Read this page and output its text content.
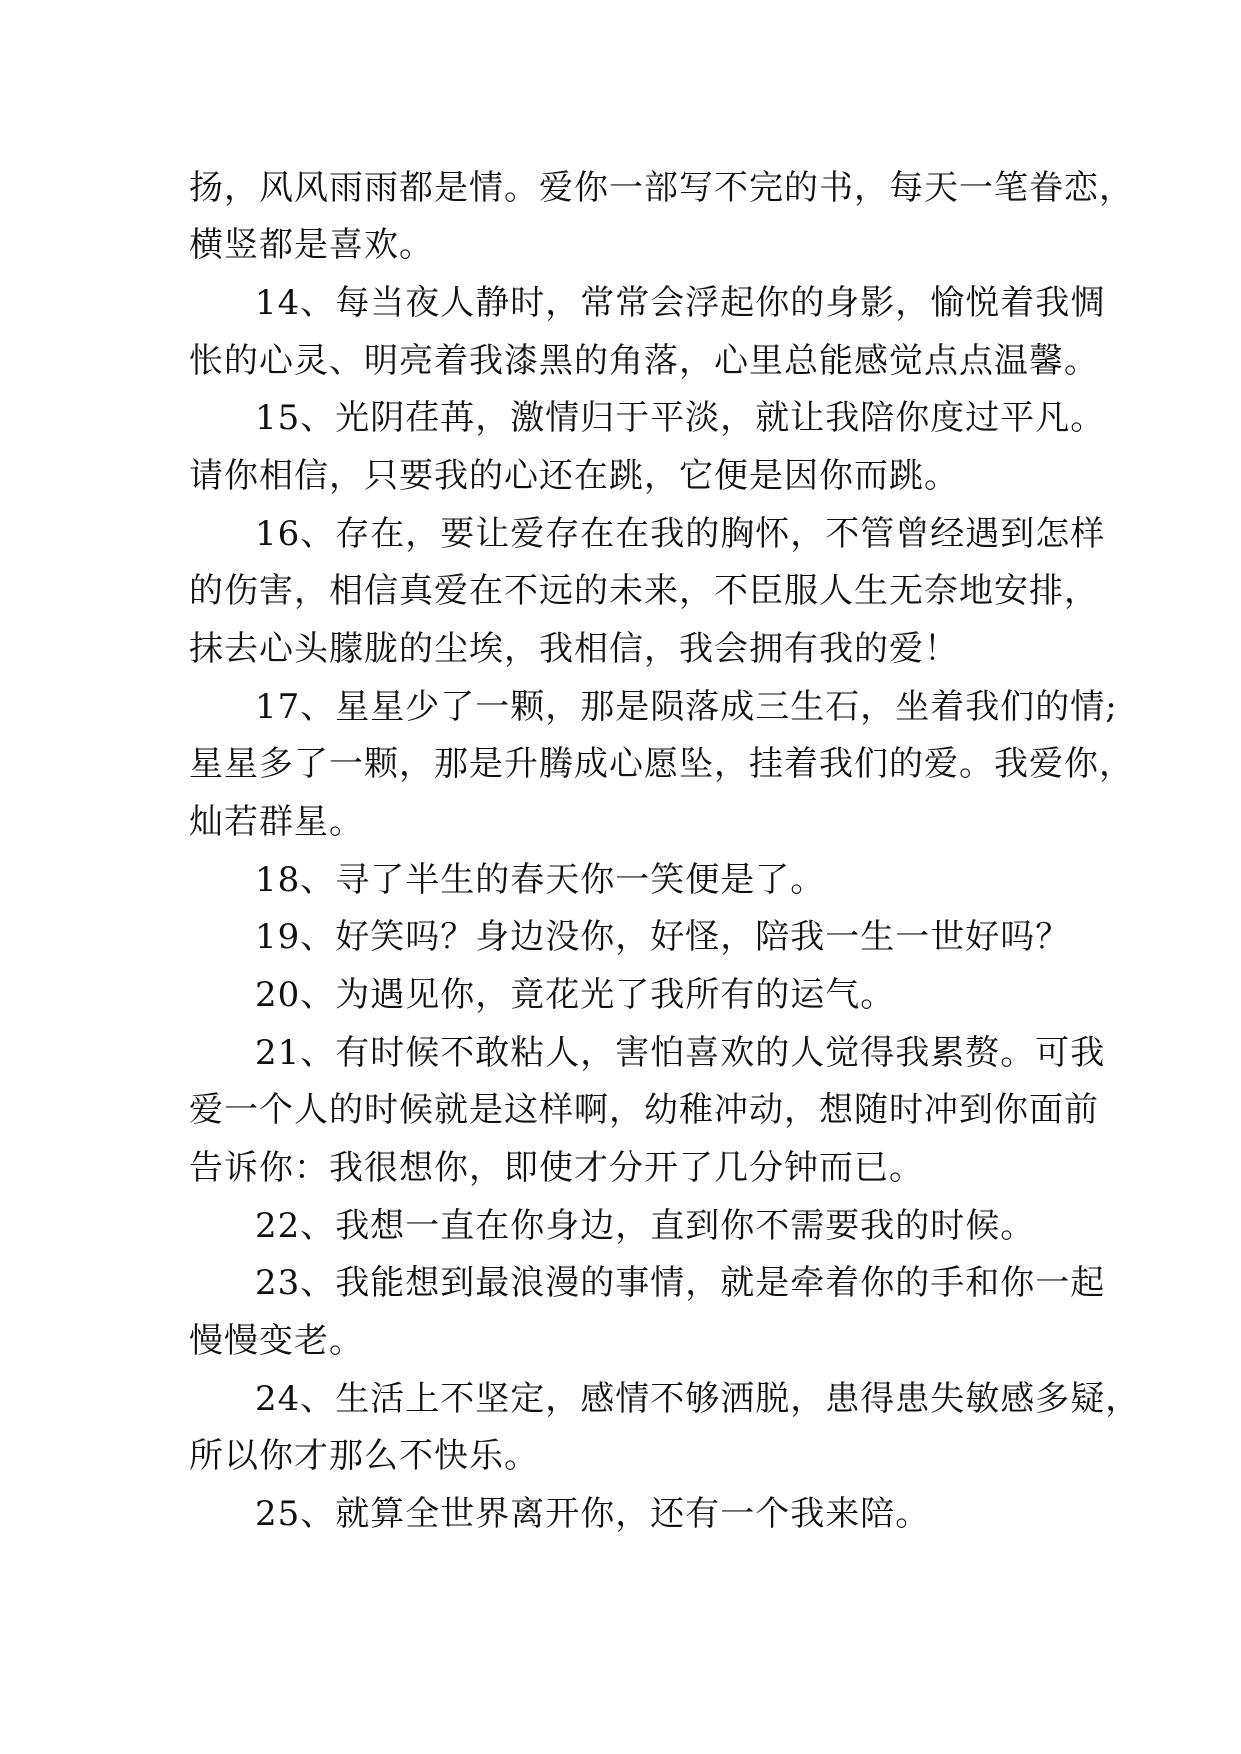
扬，风风雨雨都是情。爱你一部写不完的书，每天一笔眷恋，
横竖都是喜欢。
14、每当夜人静时，常常会浮起你的身影，愉悦着我惆
怅的心灵、明亮着我漆黑的角落，心里总能感觉点点温馨。
15、光阴荏苒，激情归于平淡，就让我陪你度过平凡。
请你相信，只要我的心还在跳，它便是因你而跳。
16、存在，要让爱存在在我的胸怀，不管曾经遇到怎样
的伤害，相信真爱在不远的未来，不臣服人生无奈地安排，
抹去心头朦胧的尘埃，我相信，我会拥有我的爱！
17、星星少了一颗，那是陨落成三生石，坐着我们的情;
星星多了一颗，那是升腾成心愿坠，挂着我们的爱。我爱你，
灿若群星。
18、寻了半生的春天你一笑便是了。
19、好笑吗？身边没你，好怪，陪我一生一世好吗？
20、为遇见你，竟花光了我所有的运气。
21、有时候不敢粘人，害怕喜欢的人觉得我累赘。可我
爱一个人的时候就是这样啊，幼稚冲动，想随时冲到你面前
告诉你：我很想你，即使才分开了几分钟而已。
22、我想一直在你身边，直到你不需要我的时候。
23、我能想到最浪漫的事情，就是牵着你的手和你一起
慢慢变老。
24、生活上不坚定，感情不够洒脱，患得患失敏感多疑，
所以你才那么不快乐。
25、就算全世界离开你，还有一个我来陪。
